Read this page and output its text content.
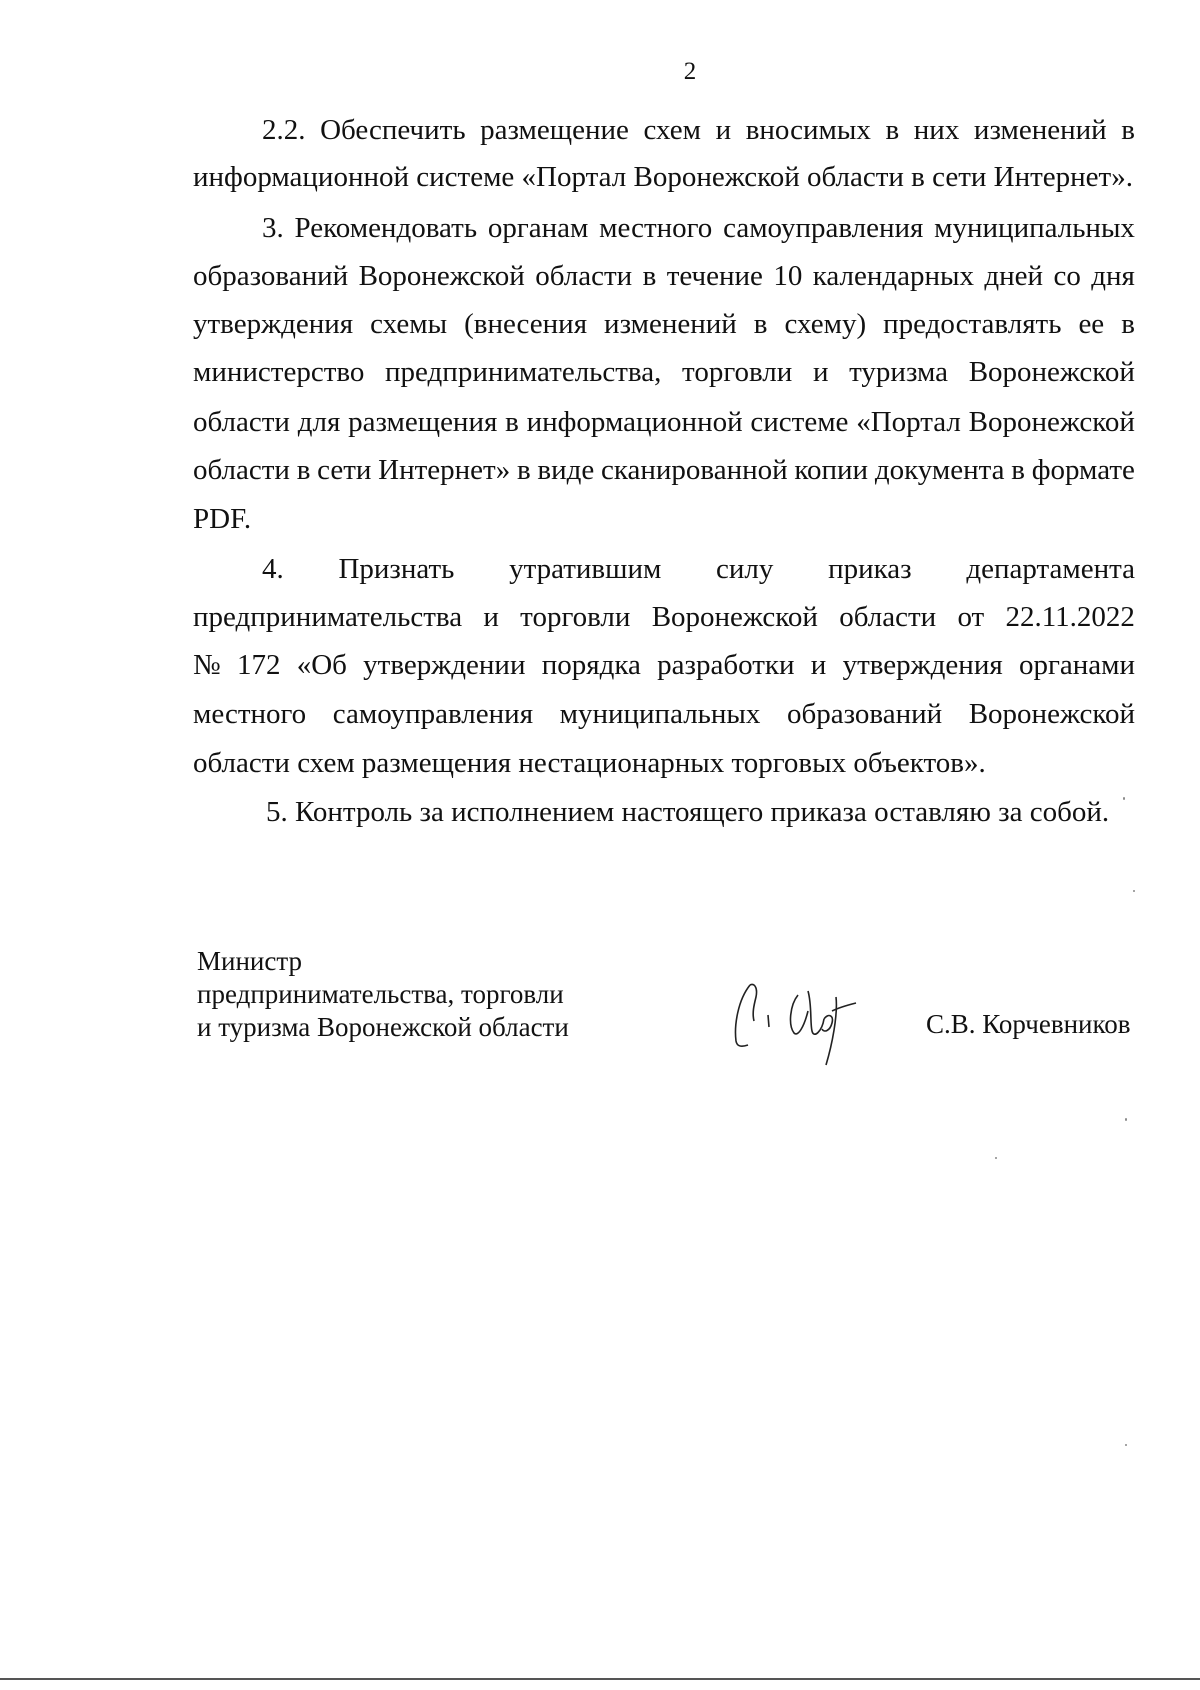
2
2.2. Обеспечить размещение схем и вносимых в них изменений в
информационной системе «Портал Воронежской области в сети Интернет».
3. Рекомендовать органам местного самоуправления муниципальных
образований Воронежской области в течение 10 календарных дней со дня
утверждения схемы (внесения изменений в схему) предоставлять ее в
министерство предпринимательства, торговли и туризма Воронежской
области для размещения в информационной системе «Портал Воронежской
области в сети Интернет» в виде сканированной копии документа в формате
PDF.
4. Признать утратившим силу приказ департамента
предпринимательства и торговли Воронежской области от 22.11.2022
№ 172 «Об утверждении порядка разработки и утверждения органами
местного самоуправления муниципальных образований Воронежской
области схем размещения нестационарных торговых объектов».
5. Контроль за исполнением настоящего приказа оставляю за собой.
Министр
предпринимательства, торговли
и туризма Воронежской области	С.В. Корчевников
